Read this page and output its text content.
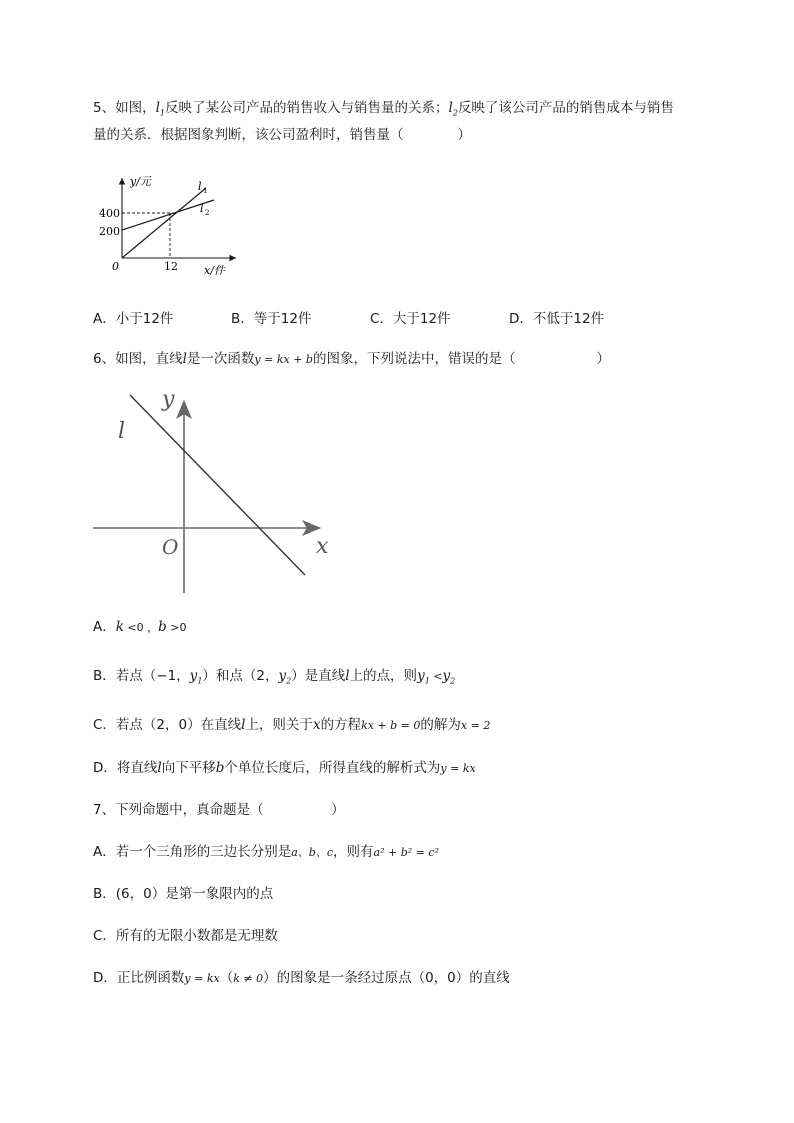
5、如图，$l_1$反映了某公司产品的销售收入与销售量的关系；$l_2$反映了该公司产品的销售成本与销售
量的关系．根据图象判断，该公司盈利时，销售量（　　　　）
y/元
400
200
0	12 x/件
l 1
l 2
A．小于12件	B．等于12件	C．大于12件	D．不低于12件
6、如图，直线l是一次函数y = kx + b的图象，下列说法中，错误的是（　　　　　　）
y
x
O
l
A．k <0 ，b >0
B．若点（−1，$y_1$）和点（2，$y_2$）是直线l上的点，则$y_1 <y_2$
C．若点（2，0）在直线l上，则关于x的方程kx + b = 0的解为x = 2
D．将直线l向下平移b个单位长度后，所得直线的解析式为y = kx
7、下列命题中，真命题是（　　　　　）
A．若一个三角形的三边长分别是a、b、c，则有a² + b² = c²
B．(6，0）是第一象限内的点
C．所有的无限小数都是无理数
D．正比例函数y = kx（k ≠ 0）的图象是一条经过原点（0，0）的直线
